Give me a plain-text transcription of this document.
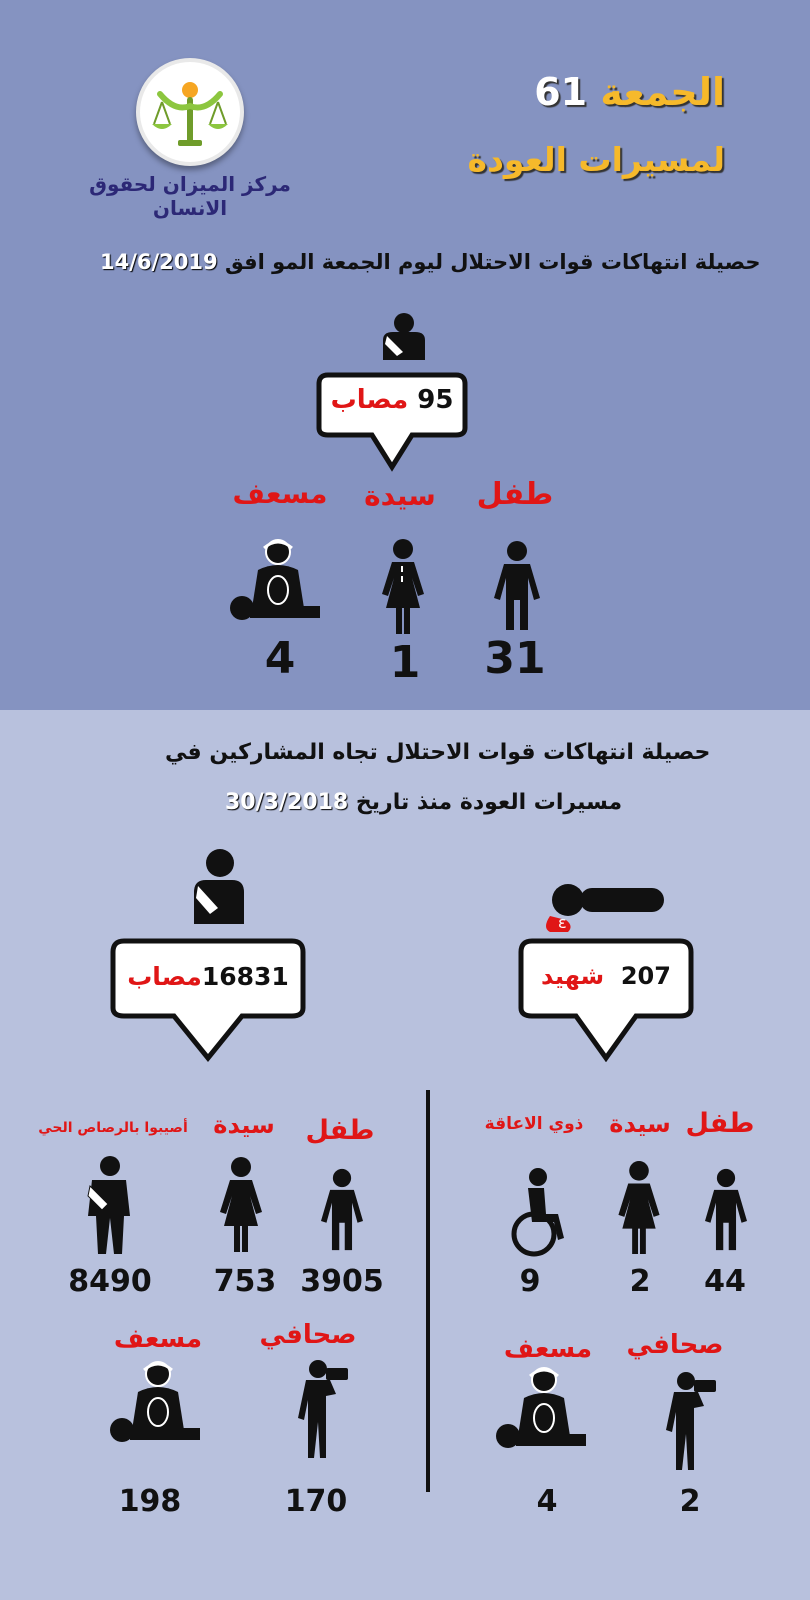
مركز الميزان لحقوق الانسان
الجمعة 61
لمسيرات العودة
حصيلة انتهاكات قوات الاحتلال ليوم الجمعة المو افق 14/6/2019
95 مصاب
طفل
سيدة
مسعف
31
1
4
حصيلة انتهاكات قوات الاحتلال تجاه المشاركين في
مسيرات العودة منذ تاريخ 30/3/2018
ε
207  شهيد
16831مصاب
طفل
سيدة
ذوي الاعاقة
44
2
9
صحافي
مسعف
2
4
طفل
سيدة
أصيبوا بالرصاص الحي
3905
753
8490
صحافي
مسعف
170
198
